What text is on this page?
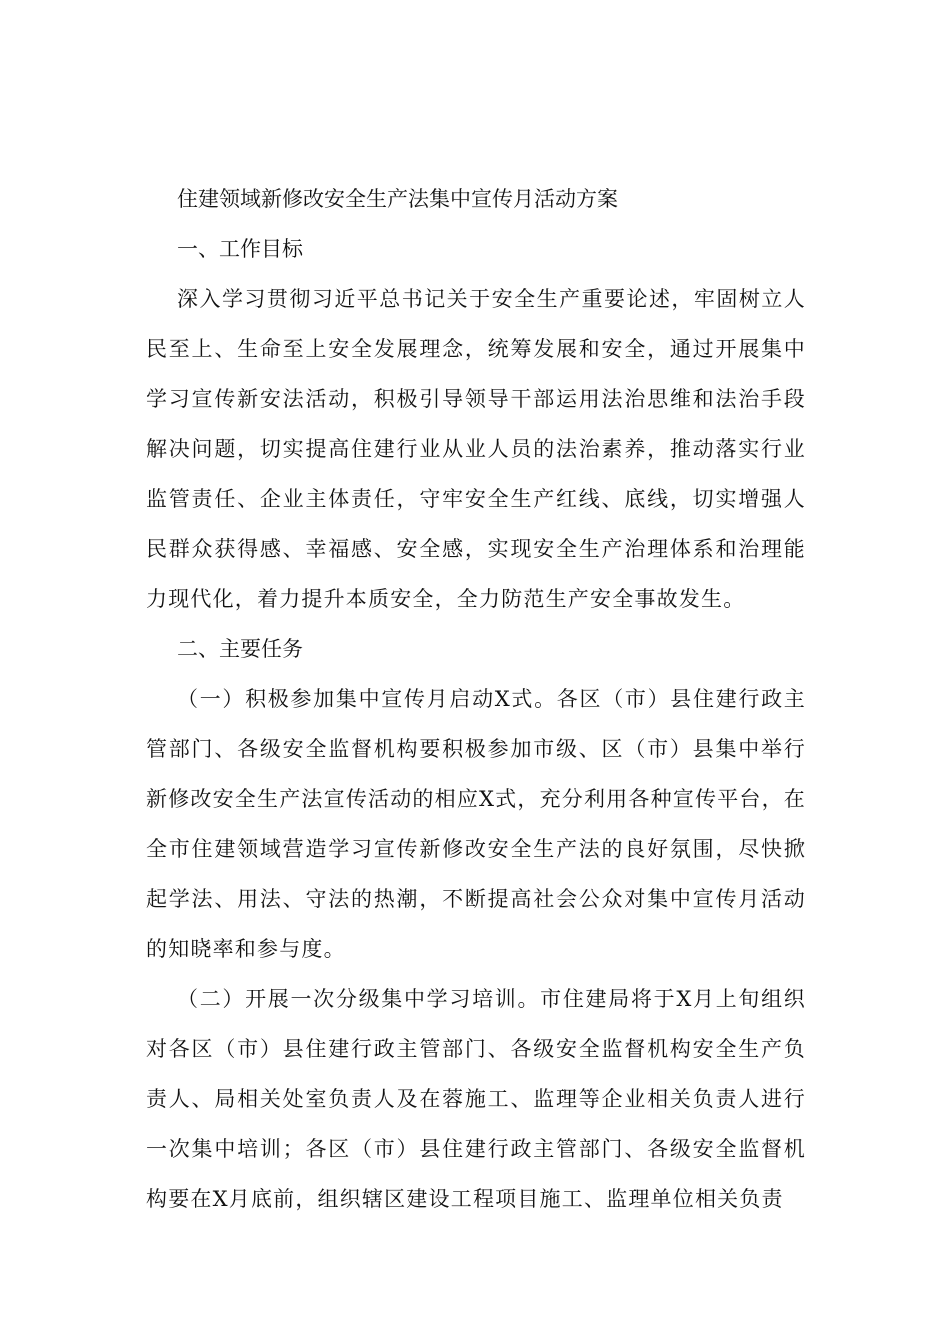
住建领域新修改安全生产法集中宣传月活动方案

一、工作目标

深入学习贯彻习近平总书记关于安全生产重要论述，牢固树立人民至上、生命至上安全发展理念，统筹发展和安全，通过开展集中学习宣传新安法活动，积极引导领导干部运用法治思维和法治手段解决问题，切实提高住建行业从业人员的法治素养，推动落实行业监管责任、企业主体责任，守牢安全生产红线、底线，切实增强人民群众获得感、幸福感、安全感，实现安全生产治理体系和治理能力现代化，着力提升本质安全，全力防范生产安全事故发生。

二、主要任务

（一）积极参加集中宣传月启动X式。各区（市）县住建行政主管部门、各级安全监督机构要积极参加市级、区（市）县集中举行新修改安全生产法宣传活动的相应X式，充分利用各种宣传平台，在全市住建领域营造学习宣传新修改安全生产法的良好氛围，尽快掀起学法、用法、守法的热潮，不断提高社会公众对集中宣传月活动的知晓率和参与度。

（二）开展一次分级集中学习培训。市住建局将于X月上旬组织对各区（市）县住建行政主管部门、各级安全监督机构安全生产负责人、局相关处室负责人及在蓉施工、监理等企业相关负责人进行一次集中培训；各区（市）县住建行政主管部门、各级安全监督机构要在X月底前，组织辖区建设工程项目施工、监理单位相关负责
